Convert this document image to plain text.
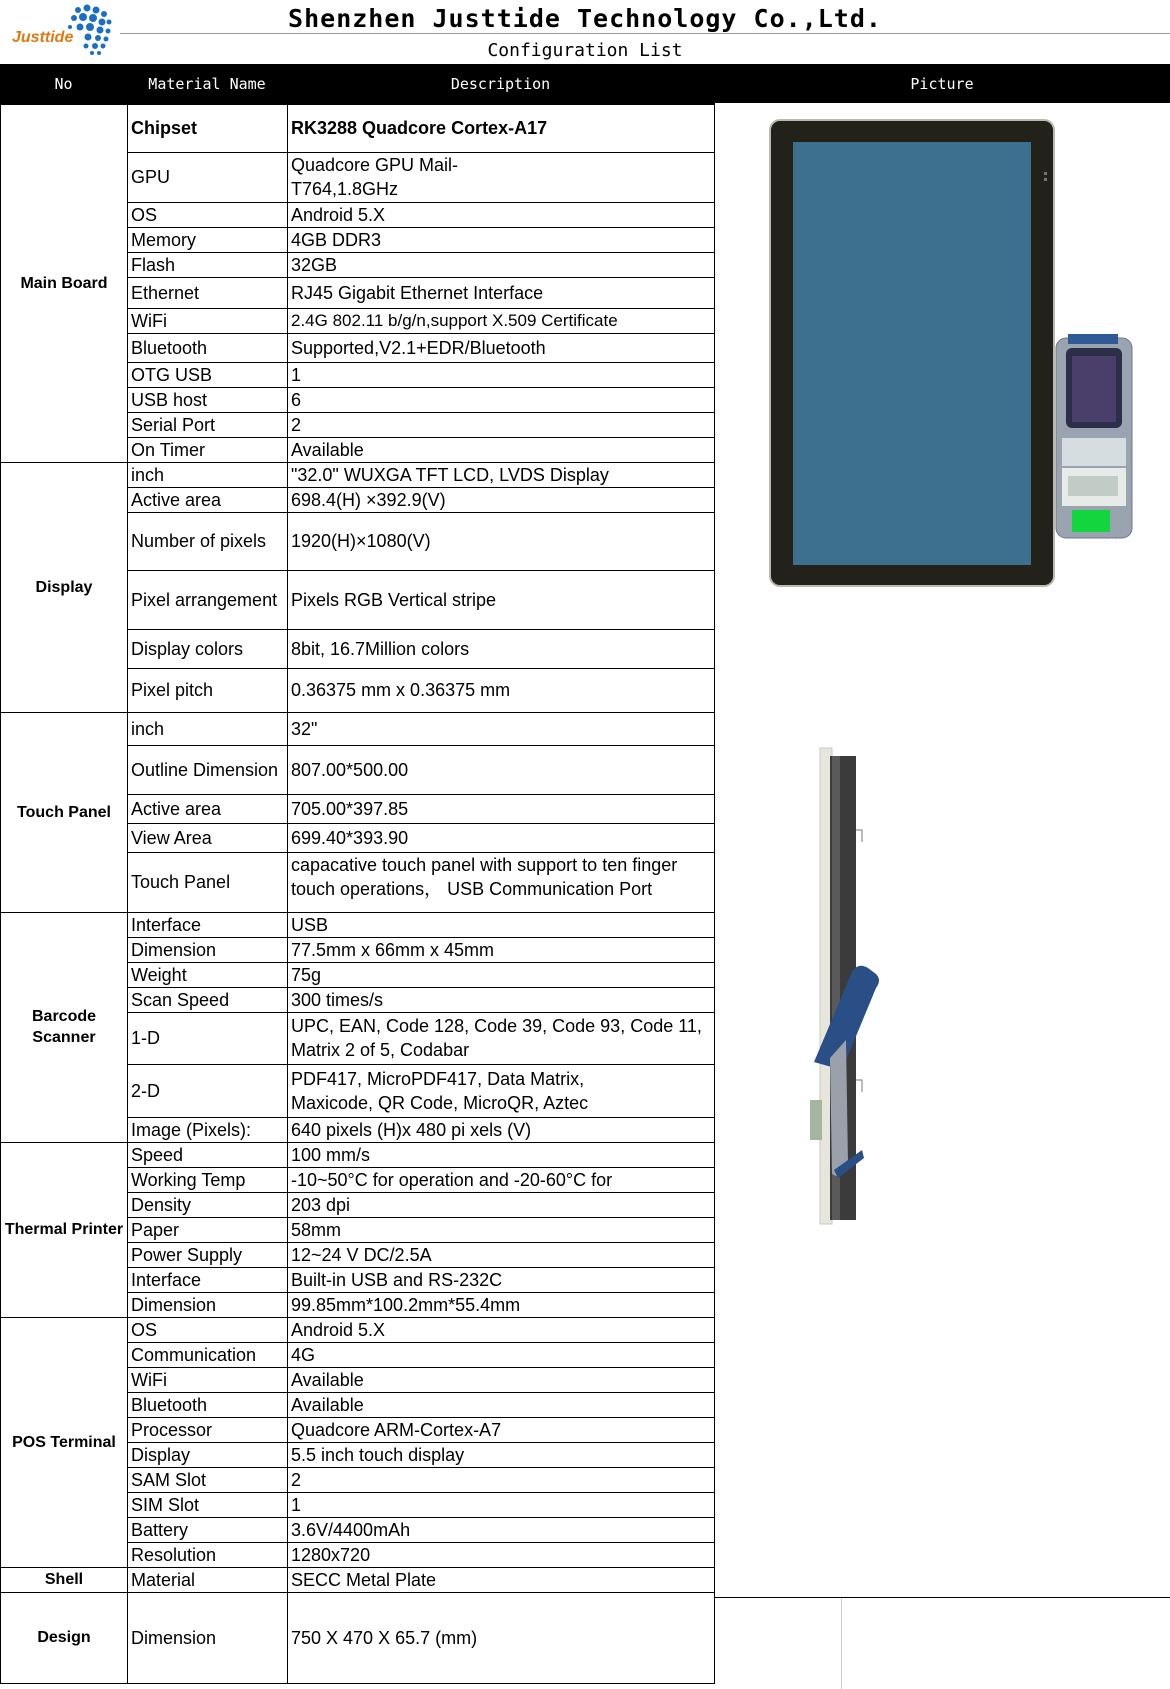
Justtide
Shenzhen Justtide Technology Co.,Ltd.
Configuration List
No	Material Name	Description	Picture
Main Board	Chipset	RK3288 Quadcore Cortex-A17
	GPU	Quadcore GPU Mail-T764,1.8GHz
	OS	Android 5.X
	Memory	4GB DDR3
	Flash	32GB
	Ethernet	RJ45 Gigabit Ethernet Interface
	WiFi	2.4G 802.11 b/g/n,support X.509 Certificate
	Bluetooth	Supported,V2.1+EDR/Bluetooth
	OTG USB	1
	USB host	6
	Serial Port	2
	On Timer	Available
Display	inch	"32.0" WUXGA TFT LCD, LVDS Display
	Active area	698.4(H) ×392.9(V)
	Number of pixels	1920(H)×1080(V)
	Pixel arrangement	Pixels RGB Vertical stripe
	Display colors	8bit, 16.7Million colors
	Pixel pitch	0.36375 mm x 0.36375 mm
Touch Panel	inch	32"
	Outline Dimension	807.00*500.00
	Active area	705.00*397.85
	View Area	699.40*393.90
	Touch Panel	capacative touch panel with support to ten finger touch operations， USB Communication Port

Barcode Scanner	Interface	USB
	Dimension	77.5mm x 66mm x 45mm
	Weight	75g
	Scan Speed	300 times/s
	1-D	UPC, EAN, Code 128, Code 39, Code 93, Code 11, Matrix 2 of 5, Codabar
	2-D	PDF417, MicroPDF417, Data Matrix, Maxicode, QR Code, MicroQR, Aztec
	Image (Pixels):	640 pixels (H)x 480 pi xels (V)
Thermal Printer	Speed	100 mm/s
	Working Temp	-10~50°C for operation and -20-60°C for
	Density	203 dpi
	Paper	58mm
	Power Supply	12~24 V DC/2.5A
	Interface	Built-in USB and RS-232C
	Dimension	99.85mm*100.2mm*55.4mm
POS Terminal	OS	Android 5.X
	Communication	4G
	WiFi	Available
	Bluetooth	Available
	Processor	Quadcore ARM-Cortex-A7
	Display	5.5 inch touch display
	SAM Slot	2
	SIM Slot	1
	Battery	3.6V/4400mAh
	Resolution	1280x720
Shell	Material	SECC Metal Plate
Design	Dimension	750 X 470 X 65.7 (mm)
